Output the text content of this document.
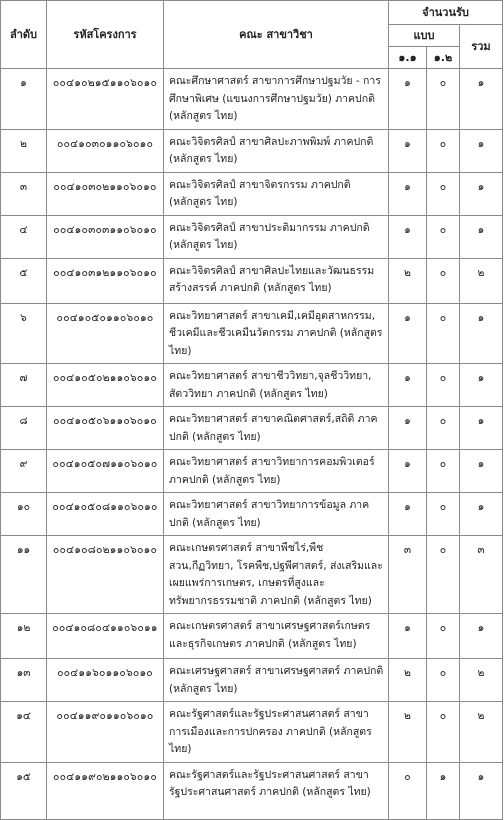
ลำดับ	รหัสโครงการ	คณะ สาขาวิชา	จำนวนรับ		
			แบบ		รวม
			๑.๑	๑.๒	
๑	๐๐๔๑๐๒๑๕๑๑๐๖๐๑๐	คณะศึกษาศาสตร์ สาขาการศึกษาปฐมวัย - การศึกษาพิเศษ (แขนงการศึกษาปฐมวัย) ภาคปกติ (หลักสูตร ไทย)	๑	๐	๑
๒	๐๐๔๑๐๓๐๑๑๐๖๐๑๐	คณะวิจิตรศิลป์ สาขาศิลปะภาพพิมพ์ ภาคปกติ (หลักสูตร ไทย)	๑	๐	๑
๓	๐๐๔๑๐๓๐๒๑๑๐๖๐๑๐	คณะวิจิตรศิลป์ สาขาจิตรกรรม ภาคปกติ (หลักสูตร ไทย)	๑	๐	๑
๔	๐๐๔๑๐๓๐๓๑๑๐๖๐๑๐	คณะวิจิตรศิลป์ สาขาประติมากรรม ภาคปกติ (หลักสูตร ไทย)	๑	๐	๑
๕	๐๐๔๑๐๓๑๒๑๑๐๖๐๑๐	คณะวิจิตรศิลป์ สาขาศิลปะไทยและวัฒนธรรมสร้างสรรค์ ภาคปกติ (หลักสูตร ไทย)	๒	๐	๒
๖	๐๐๔๑๐๕๐๑๑๐๖๐๑๐	คณะวิทยาศาสตร์ สาขาเคมี,เคมีอุตสาหกรรม, ชีวเคมีและชีวเคมีนวัตกรรม ภาคปกติ (หลักสูตร ไทย)	๑	๐	๑
๗	๐๐๔๑๐๕๐๒๑๑๐๖๐๑๐	คณะวิทยาศาสตร์ สาขาชีววิทยา,จุลชีววิทยา, สัตววิทยา ภาคปกติ (หลักสูตร ไทย)	๑	๐	๑
๘	๐๐๔๑๐๕๐๖๑๑๐๖๐๑๐	คณะวิทยาศาสตร์ สาขาคณิตศาสตร์,สถิติ ภาคปกติ (หลักสูตร ไทย)	๑	๐	๑
๙	๐๐๔๑๐๕๐๗๑๑๐๖๐๑๐	คณะวิทยาศาสตร์ สาขาวิทยาการคอมพิวเตอร์ ภาคปกติ (หลักสูตร ไทย)	๑	๐	๑
๑๐	๐๐๔๑๐๕๐๘๑๑๐๖๐๑๐	คณะวิทยาศาสตร์ สาขาวิทยาการข้อมูล ภาคปกติ (หลักสูตร ไทย)	๑	๐	๑
๑๑	๐๐๔๑๐๘๐๒๑๑๐๖๐๑๐	คณะเกษตรศาสตร์ สาขาพืชไร่,พืชสวน,กีฏวิทยา, โรคพืช,ปฐพีศาสตร์, ส่งเสริมและเผยแพร่การเกษตร, เกษตรที่สูงและทรัพยากรธรรมชาติ ภาคปกติ (หลักสูตร ไทย)	๓	๐	๓
๑๒	๐๐๔๑๐๘๐๔๑๑๐๖๐๑๑	คณะเกษตรศาสตร์ สาขาเศรษฐศาสตร์เกษตรและธุรกิจเกษตร ภาคปกติ (หลักสูตร ไทย)	๑	๐	๑
๑๓	๐๐๔๑๑๖๐๑๑๐๖๐๑๐	คณะเศรษฐศาสตร์ สาขาเศรษฐศาสตร์ ภาคปกติ (หลักสูตร ไทย)	๒	๐	๒
๑๔	๐๐๔๑๑๙๐๑๑๐๖๐๑๐	คณะรัฐศาสตร์และรัฐประศาสนศาสตร์ สาขาการเมืองและการปกครอง ภาคปกติ (หลักสูตร ไทย)	๒	๐	๒
๑๕	๐๐๔๑๑๙๐๒๑๑๐๖๐๑๐	คณะรัฐศาสตร์และรัฐประศาสนศาสตร์ สาขารัฐประศาสนศาสตร์ ภาคปกติ (หลักสูตร ไทย)	๐	๑	๑
